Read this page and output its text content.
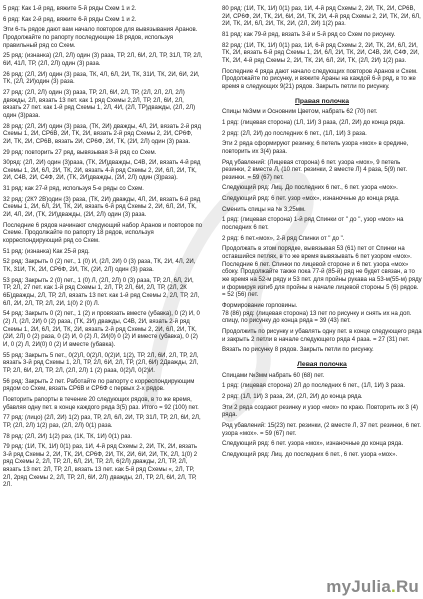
5 ряд: Как 1-й ряд, вяжите 5-й ряды Схем 1 и 2.

6 ряд: Как 2-й ряд, вяжите 6-й ряды Схем 1 и 2.

Эти 6-ть рядов дают вам начало повторов для вывязывания Аранов. Продолжайте по рапорту последующие 18 рядов, используя правильный ряд со Схем.

25 ряд: (изнанка) (2Л, 2Л) один (3) раза, ТР, 2Л, 6И, 2Л, ТР, 31Л, ТР, 2Л, 6И, 41Л, ТР, (2Л, 2Л) один (3) раза.

26 ряд: (2Л, 2И) один (3) раза, ТК, 4Л, 6Л, 2И, ТК, 31И, ТК, 2И, 6И, 2И, ТК, (2Л, 2И)один (3) раза.

27 ряд: (2Л, 2Л) один (3) раза, ТР, 2Л, 6И, 2Л, ТР, (2Л, 2Л, 2Л, 2Л) двяжды, 2Л, вязать 13 пет. как 1 ряд Схемы 2,2Л, ТР, 2Л, 6И, 2Л, вязать 27 пет. как 1-й ряд Схемы 1, 2Л, 4И, (2Л, ТР)дважды, (2Л, 2Л) один (3)раза.

28 ряд: (2Л, 2И) один (3) раза, (ТК, 2И) дважды, 4Л, 2И, вязать 2-й ряд Схемы 1, 2И, СР6В, 2И, ТК, 2И, вязать 2-й ряд Схемы 2, 2И, СР6Ф, 2И, ТК, 2И, СР6В, вязать 2И, СР6Ф, 2И, ТК, (2И, 2Л) один (3) раза.

29 ряд: повторить 27 ряд, вывязывая 3-й ряд со Схем.

30ряд: (2Л, 2И) один (3)раза, (ТК, 2И)дважды, С4В, 2И, вязать 4-й ряд Схемы 1, 2И, 6Л, 2И, ТК, 2И, вязать 4-й ряд Схемы 2, 2И, 6Л, 2И, ТК, 2И, С4В, 2И, С4Ф, 2И, (ТК, 2И)дважды, (2И, 2Л) один (3)раза).

31 ряд: как 27-й ряд, используя 5-е ряды со Схем.

32 ряд: (2К? 2В)один (3) раза, (ТК, 2И) дважды, 4Л, 2И, вязать 6-й ряд Схемы 1, 2И, 6Л, 2И, ТК, 2И, вязать 6-й ряд Схемы 2, 2И, 6Л, 2И, ТК, 2И, 4Л, 2И, (ТК, 2И)дважды, (2И, 2Л) один (3) раза.

Последние 6 рядов начинают следующий набор Аранов и повторов по Схеме. Продолжайте по рапорту 18 рядов, используя корреспондирующий ряд со Схем.

51 ряд: (изнанка) Как 25-й ряд.

52 ряд: Закрыть 0 (2) пет., 1 (0) И, (2Л, 2И) 0 (3) раза, ТК, 2И, 4Л, 2И, ТК, 31И, ТК, 2И, СР6Ф, 2И, ТК, (2И, 2Л) один (3) раза.

53 ряд: Закрыть 2 (0) пет., 1 (0) Л, (2Л, 2Л) 0 (3) раза, ТР, 2Л, 6Л, 2И, ТР, 2Л, 27 пет. как 1-й ряд Схемы 1, 2Л, ТР, 2Л, 6И, 2Л, ТР, (2Л, 2К 6Б)дважды, 2Л, ТР, 2Л, вязать 13 пет. как 1-й ряд Схемы 2, 2Л, ТР, 2Л, 6Л, 2И, 2Л, ТР, 2Л, 2И, 1(0) 2 (0) Л.

54 ряд: Закрыть 0 (2) пет., 1 (2) и провязать вместе (убавка), 0 (2) И, 0 (2) Л, (2Л, 2И) 0 (2) раза, (ТК, 2И) дважды, С4В, 2И, вязать 2-й ряд Схемы 1, 2И, 6Л, 2И, ТК, 2И, вязать 2-й ряд Схемы 2, 2И, 6Л, 2И, ТК, (2И, 2Л) 0 (2) раза, 0 (2) И, 0 (2) Л, 2И(0) 0 (2) И вместе (убавка), 0 (2) И, 0 (2) Л, 2И(0) 0 (2) И вместе (убавка).

55 ряд: Закрыть 5 пет., 0(2)Л, 0(2)Л, 0(2)И, 1(2), ТР, 2Л, 6И, 2Л, ТР, 2Л, вязать 3-й ряд Схемы 1, 2Л, ТР, 2Л, 6И, 2Л, ТР, (2Л, 6И) 2Дважды, 2Л, ТР, 2Л, 6И, 2Л, ТР, 2Л, (2Л, 2Л) 1 (2) раза, 0(2)Л, 0(2)И.

56 ряд: Закрыть 2 пет. Работайте по рапорту с корреспондирующим рядом со Схем, вязать СР6В и СР6Ф с первых 2-х рядов.

Повторить рапорты в течение 20 следующих рядов, в то же время, убавляя одну пет. в конце каждого ряда 3(5) раз. Итого = 92 (100) пет.

77 ряд: (лицо) (2Л, 2И) 1(2) раз, ТР, 2Л, 6Л, 2И, ТР, 31Л, ТР, 2Л, 6И, 2Л, ТР, (2Л, 2Л) 1(2) раз, (2Л, 2Л) 0(1) раза.

78 ряд: (2Л, 2И) 1(2) раз, (1К, ТК, 1И) 0(1) раз.

79 ряд: (1И, ТК, 1И) 0(1) раз, 1И, 4-й ряд Схемы 2, 2И, ТК, 2И, вязать 3-й ряд Схемы 2, 2И, ТК, 2И, СР6Ф, 2И, ТК, 2И, 6И, 2И, ТК, 2Л, 1(0) 2 ряд Схемы 2, 2Л, ТР, 2Л, 6Л, 2И, ТР, 2Л, 6(2Л) дважды, 2Л, ТР, 2Л, вязать 13 пет. 2Л, ТР, 2Л, вязать 13 пет. как 5-й ряд Схемы «, 2Л, ТР, 2Л, 2ряд Схемы 2, 2Л, ТР, 2Л, 6И, 2Л) дважды, 2Л, ТР, 2Л, 6И, 2Л, ТР, 2Л.

80 ряд: (1И, ТК, 1И) 0(1) раз, 1И, 4-й ряд Схемы 2, 2И, ТК, 2И, СР6В, 2И, СР6Ф, 2И, ТК, 2И, 6И, 2И, ТК, 2И, 4-й ряд Схемы 2, 2И, ТК, 2И, 6Л, 2И, ТК, 2И, 6Л, 2И, ТК, 2И, (2Л, 2И) 1(2) раз.

81 ряд: как 79-й ряд, вязать 3-й и 5-й ряд со Схем по рисунку.

82 ряд: (1И, ТК, 1И) 0(1) раз, 1И, 6-й ряд Схемы 2, 2И, ТК, 2И, 6Л, 2И, ТК, 2И, вязать 6-й ряд Схемы 1, 2И, 6Л, 2И, ТК, 2И, С4В, 2И, С4Ф, 2И, ТК, 2И, 4-й ряд Схемы 2, 2И, ТК, 2И, 6Л, 2И, ТК, (2Л, 2И) 1(2) раз.

Последние 4 ряда дают начало следующих повторов Аранов и Схем. Продолжайте по рисунку, и вяжите Араны на каждой 6-й ряд, в то же время в следующих 9(21) рядов. Закрыть петли по рисунку.

Правая полочка

Спицы №3мм и Основним Цветом, набрать 62 (70) пет.

1 ряд: (лицевая сторона) (1Л, 1И) 3 раза, (2Л, 2И) до конца ряда.

2 ряд: (2Л, 2И) до последних 6 пет., (1Л, 1И) 3 раза.

Эти 2 ряда сформируют резинку, 6 петель узора «мох» в средине, повторить их 3(4) раза.

Ряд убавлений: (Лицевая сторона) 6 пет. узора «мох», 9 петель резинки, 2 вместе Л, (10 пет. резинки, 2 вместе Л) 4 раза, 5(9) пет. резинки. = 59 (67) пет.

Следующий ряд: Лиц. До последних 6 пет., 6 пет. узора «мох».

Следующий ряд: 6 пет. узор «мох», изнаночные до конца ряда.

Сменить спицы на № 3,25мм.

1 ряд: (лицевая сторона) 1-й ряд Спинки от " до ", узор «мох» на последних 6 пет.

2 ряд: 6 пет.«мох», 2-й ряд Спинки от " до ".

Продолжать в этом порядке, вывязывая 53 (61) пет от Спинки на оставшийся петлях, в то же время вывязывать 6 пет узором «мох». Последние 6 пет. Спинки по лицевой стороне и 6 пет. узора «мох» сбоку. Продолжайте также пока 77-й (85-й) ряд не будет связан, а то же время на 52-м ряду и 53 пет. для пройны рукава на 53-м(55-м) ряду и формируя изгиб для пройны в начале лицевой стороны 5 (6) рядов. = 52 (56) пет.

Формирование горловины.

78 (86) ряд: (лицевая сторона) 13 пет по рисунку и снять их на доп. спицу, по рисунку до конца ряда = 39 (43) пет.

Продолжить по рисунку и убавлять одну пет. в конце следующего ряда и закрыть 2 петли в начале следующего ряда 4 раза. = 27 (31) пет.

Вязать по рисунку 8 рядов. Закрыть петли по рисунку.

Левая полочка

Спицами №3мм набрать 60 (68) пет.

1 ряд: (лицевая сторона) 2Л до последних 6 пет., (1Л, 1И) 3 раза.

2 ряд: (1Л, 1И) 3 раза, 2И, (2Л, 2И) до конца ряда.

Эти 2 ряда создают резинку и узор «мох» по краю. Повторить их 3 (4) ряда.

Ряд убавлений: 15(23) пет. резинки, (2 вместе Л, 37 пет. резинки, 6 пет. узора «мох». = 59 (67) пет.

Следующий ряд: 6 пет. узора «мох», изнаночные до конца ряда.

Следующий ряд: Лиц. до последних 6 пет., 6 пет. узора «мох».

myJulia.Ru
